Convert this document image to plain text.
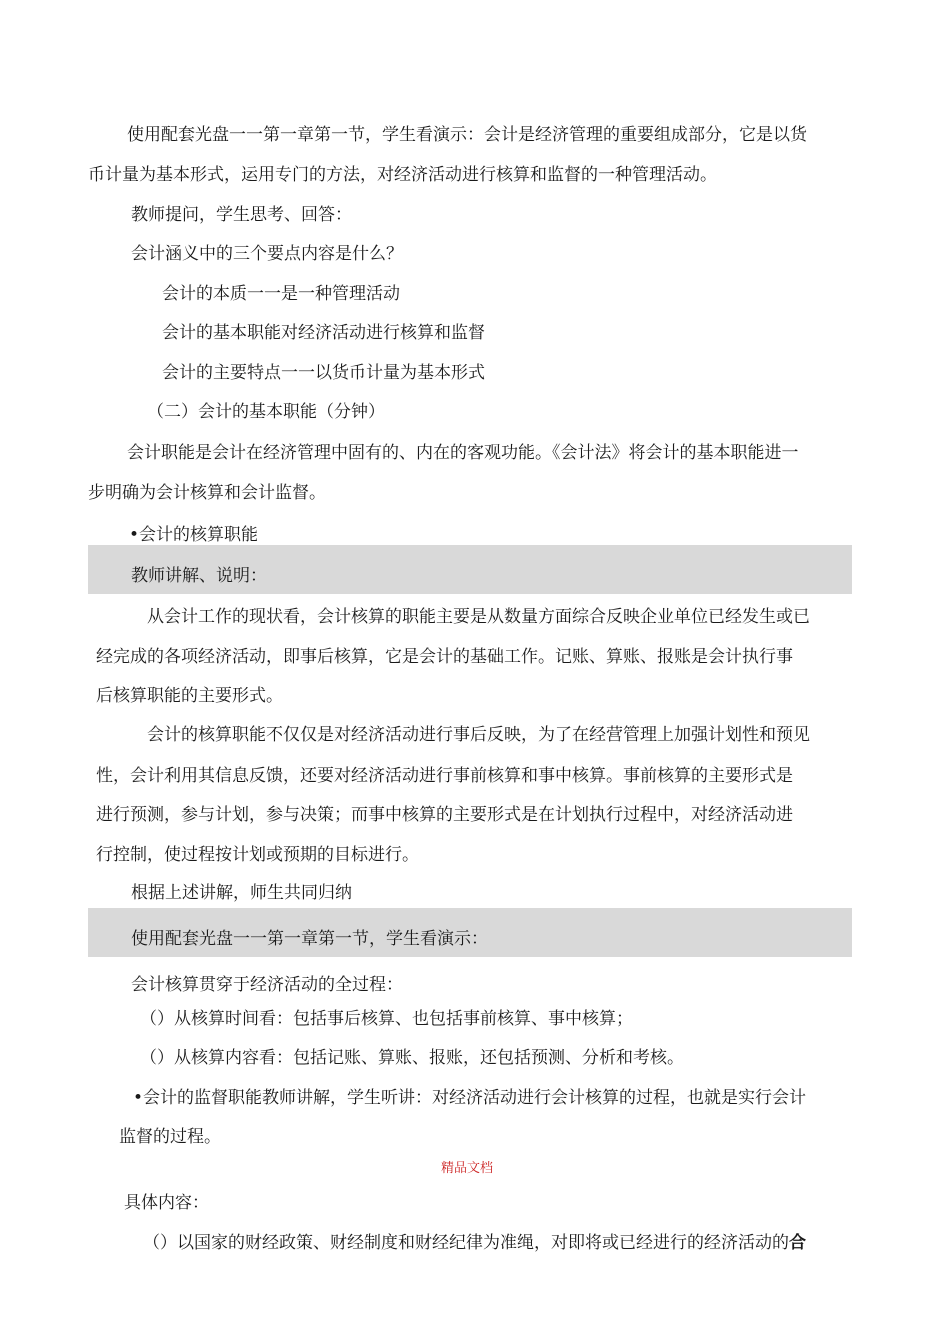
使用配套光盘一一第一章第一节，学生看演示：会计是经济管理的重要组成部分，它是以货
币计量为基本形式，运用专门的方法，对经济活动进行核算和监督的一种管理活动。
教师提问，学生思考、回答：
会计涵义中的三个要点内容是什么？
会计的本质一一是一种管理活动
会计的基本职能对经济活动进行核算和监督
会计的主要特点一一以货币计量为基本形式
（二）会计的基本职能（分钟）
会计职能是会计在经济管理中固有的、内在的客观功能。《会计法》将会计的基本职能进一
步明确为会计核算和会计监督。
•会计的核算职能
教师讲解、说明：
从会计工作的现状看，会计核算的职能主要是从数量方面综合反映企业单位已经发生或已
经完成的各项经济活动，即事后核算，它是会计的基础工作。记账、算账、报账是会计执行事
后核算职能的主要形式。
会计的核算职能不仅仅是对经济活动进行事后反映，为了在经营管理上加强计划性和预见
性，会计利用其信息反馈，还要对经济活动进行事前核算和事中核算。事前核算的主要形式是
进行预测，参与计划，参与决策；而事中核算的主要形式是在计划执行过程中，对经济活动进
行控制，使过程按计划或预期的目标进行。
根据上述讲解，师生共同归纳
使用配套光盘一一第一章第一节，学生看演示：
会计核算贯穿于经济活动的全过程：
（）从核算时间看：包括事后核算、也包括事前核算、事中核算；
（）从核算内容看：包括记账、算账、报账，还包括预测、分析和考核。
•会计的监督职能教师讲解，学生听讲：对经济活动进行会计核算的过程，也就是实行会计
监督的过程。
精品文档
具体内容：
（）以国家的财经政策、财经制度和财经纪律为准绳，对即将或已经进行的经济活动的合
